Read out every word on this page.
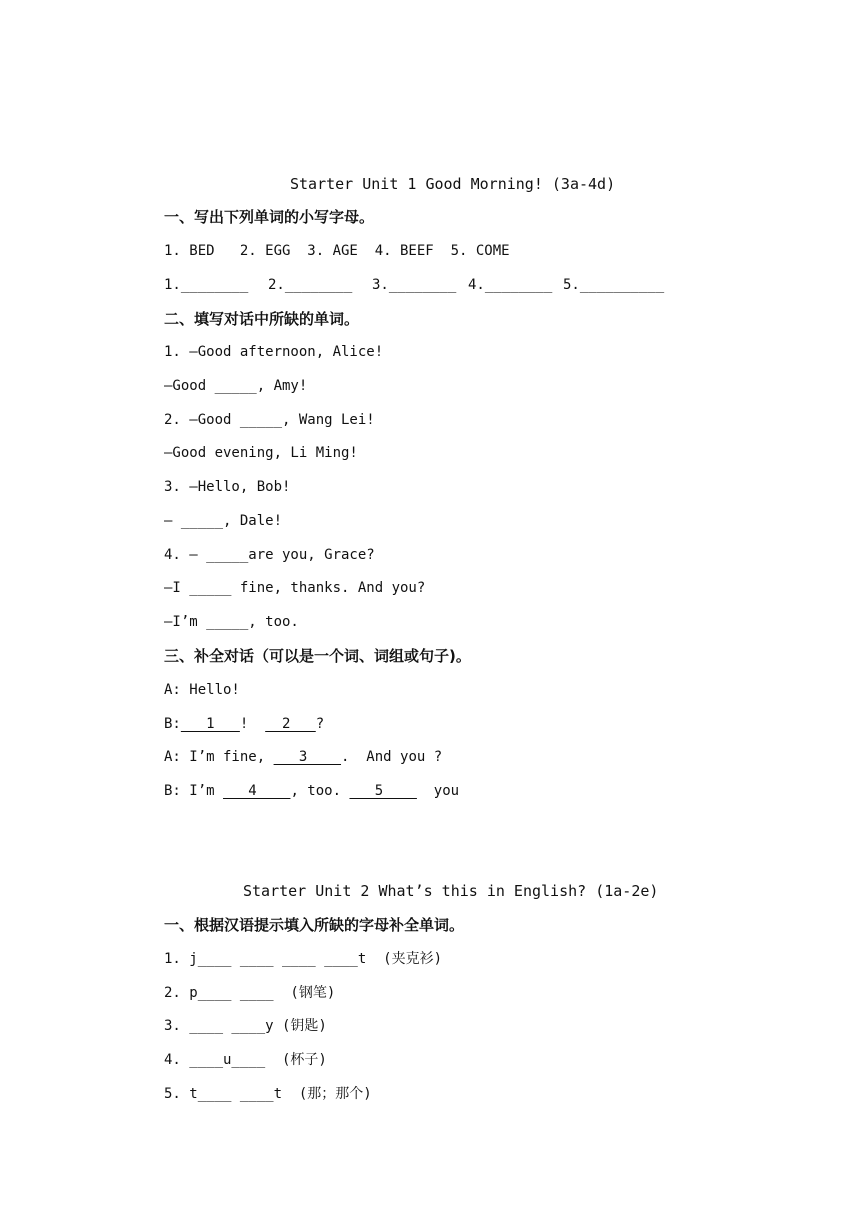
Starter Unit 1 Good Morning! (3a-4d)
一、写出下列单词的小写字母。
1. BED   2. EGG  3. AGE  4. BEEF  5. COME
1.________ 2.________ 3.________ 4.________ 5.__________
二、填写对话中所缺的单词。
1. —Good afternoon, Alice!
—Good _____, Amy!
2. —Good _____, Wang Lei!
—Good evening, Li Ming!
3. —Hello, Bob!
— _____, Dale!
4. — _____are you, Grace?
—I _____ fine, thanks. And you?
—I’m _____, too.
三、补全对话（可以是一个词、词组或句子)。
A: Hello!
B:   1   !    2   ?
A: I’m fine,    3    .  And you ?
B: I’m    4    , too.    5      you
Starter Unit 2 What’s this in English? (1a-2e)
一、根据汉语提示填入所缺的字母补全单词。
1. j____ ____ ____ ____t  (夹克衫)
2. p____ ____  (钢笔)
3. ____ ____y (钥匙)
4. ____u____  (杯子)
5. t____ ____t  (那；那个)
